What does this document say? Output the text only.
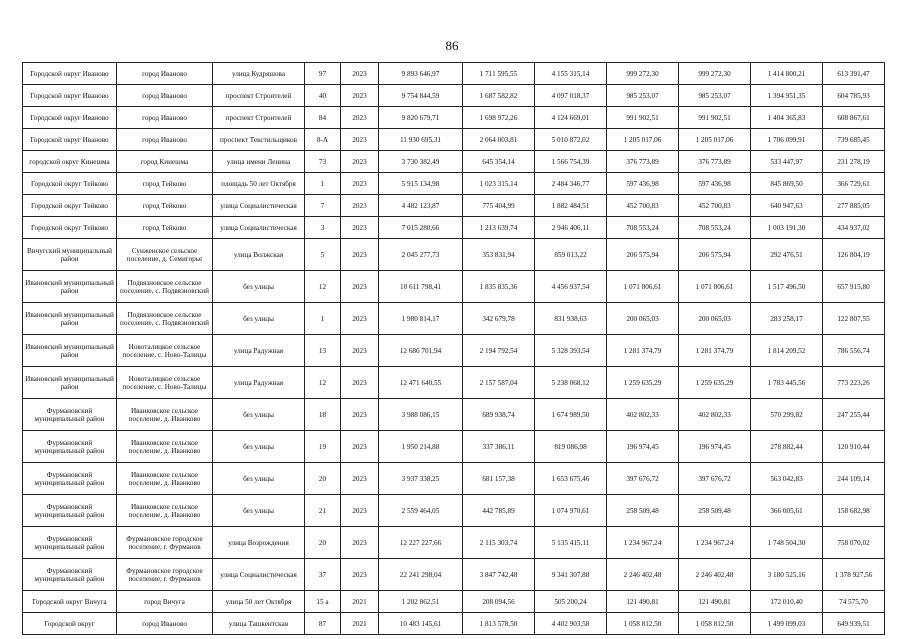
86
Городской округ Иваново	город Иваново	улица Кудряшова	97	2023	9 893 646,97	1 711 595,55	4 155 315,14	999 272,30	999 272,30	1 414 800,21	613 391,47
Городской округ Иваново	город Иваново	проспект Строителей	40	2023	9 754 844,59	1 687 582,82	4 097 018,37	985 253,07	985 253,07	1 394 951,35	604 785,93
Городской округ Иваново	город Иваново	проспект Строителей	84	2023	9 820 679,71	1 698 972,26	4 124 669,01	991 902,51	991 902,51	1 404 365,83	608 867,61
Городской округ Иваново	город Иваново	проспект Текстильщиков	8-А	2023	11 930 695,31	2 064 003,81	5 010 872,02	1 205 017,06	1 205 017,06	1 706 099,91	739 685,45
городской округ Кинешма	город Кинешма	улица имени Ленина	73	2023	3 730 382,49	645 354,14	1 566 754,39	376 773,89	376 773,89	533 447,97	231 278,19
Городской округ Тейково	город Тейково	площадь 50 лет Октября	1	2023	5 915 134,98	1 023 315,14	2 484 346,77	597 436,98	597 436,98	845 869,50	366 729,61
Городской округ Тейково	город Тейково	улица Социалистическая	7	2023	4 482 123,87	775 404,99	1 882 484,51	452 700,83	452 700,83	640 947,63	277 885,05
Городской округ Тейково	город Тейково	улица Социалистическая	3	2023	7 015 280,66	1 213 639,74	2 946 406,11	708 553,24	708 553,24	1 003 191,30	434 937,02
Вичугский муниципальный район	Сунженское сельское поселение, д. Семигорье	улица Волжская	5	2023	2 045 277,73	353 831,94	859 013,22	206 575,94	206 575,94	292 476,51	126 804,19
Ивановский муниципальный район	Подвязновское сельское поселение, с. Подвязновский	без улицы	12	2023	10 611 798,41	1 835 835,36	4 456 937,54	1 071 806,61	1 071 806,61	1 517 496,50	657 915,80
Ивановский муниципальный район	Подвязновское сельское поселение, с. Подвязновский	без улицы	1	2023	1 980 814,17	342 679,78	831 938,63	200 065,03	200 065,03	283 258,17	122 807,55
Ивановский муниципальный район	Новоталицкое сельское поселение, с. Ново-Талицы	улица Радужная	13	2023	12 686 701,94	2 194 792,54	5 328 393,54	1 281 374,79	1 281 374,79	1 814 209,52	786 556,74
Ивановский муниципальный район	Новоталицкое сельское поселение, с. Ново-Талицы	улица Радужная	12	2023	12 471 640,55	2 157 587,04	5 238 068,12	1 259 635,29	1 259 635,29	1 783 445,56	773 223,26
Фурмановский муниципальный район	Иванковское сельское поселение, д. Иванково	без улицы	18	2023	3 988 086,15	689 938,74	1 674 989,50	402 802,33	402 802,33	570 299,82	247 255,44
Фурмановский муниципальный район	Иванковское сельское поселение, д. Иванково	без улицы	19	2023	1 950 214,88	337 386,11	819 086,98	196 974,45	196 974,45	278 882,44	120 910,44
Фурмановский муниципальный район	Иванковское сельское поселение, д. Иванково	без улицы	20	2023	3 937 338,25	681 157,38	1 653 675,46	397 676,72	397 676,72	563 042,83	244 109,14
Фурмановский муниципальный район	Иванковское сельское поселение, д. Иванково	без улицы	21	2023	2 559 464,05	442 785,89	1 074 970,61	258 509,48	258 509,48	366 005,61	158 682,98
Фурмановский муниципальный район	Фурмановское городское поселение, г. Фурманов	улица Возрождения	20	2023	12 227 227,66	2 115 303,74	5 135 415,11	1 234 967,24	1 234 967,24	1 748 504,30	758 070,02
Фурмановский муниципальный район	Фурмановское городское поселение, г. Фурманов	улица Социалистическая	37	2023	22 241 298,04	3 847 742,48	9 341 307,88	2 246 402,48	2 246 402,48	3 180 525,16	1 378 927,56
Городской округ Вичуга	город Вичуга	улица 50 лет Октября	15 а	2021	1 202 862,51	208 094,56	505 200,24	121 490,81	121 490,81	172 010,40	74 575,70
Городской округ	город Иваново	улица Ташкентская	87	2021	10 483 145,61	1 813 578,50	4 402 903,58	1 058 812,50	1 058 812,50	1 499 099,03	649 939,51
